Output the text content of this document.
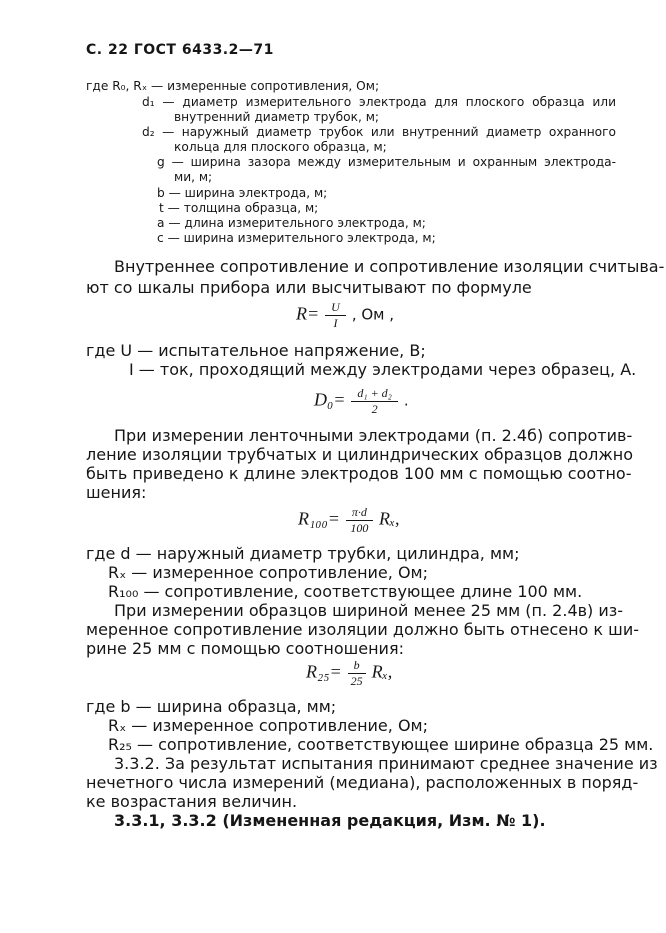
С. 22 ГОСТ 6433.2—71
где R₀, Rₓ — измеренные сопротивления, Ом;
d₁ — диаметр измерительного электрода для плоского образца или
внутренний диаметр трубок, м;
d₂ — наружный диаметр трубок или внутренний диаметр охранного
кольца для плоского образца, м;
g — ширина зазора между измерительным и охранным электрода-
ми, м;
b — ширина электрода, м;
t — толщина образца, м;
a — длина измерительного электрода, м;
c — ширина измерительного электрода, м;
Внутреннее сопротивление и сопротивление изоляции считыва-
ют со шкалы прибора или высчитывают по формуле
$R= \frac{U}{I}$ , Ом ,
где U — испытательное напряжение, В;
I — ток, проходящий между электродами через образец, А.
$D_0= \frac{\text{d₁ + d₂}}{2}$ .
При измерении ленточными электродами (п. 2.4б) сопротив-
ление изоляции трубчатых и цилиндрических образцов должно
быть приведено к длине электродов 100 мм с помощью соотно-
шения:
$R_{100}= \frac{\pi\cdot d}{100} R_x$,
где d — наружный диаметр трубки, цилиндра, мм;
Rₓ — измеренное сопротивление, Ом;
R₁₀₀ — сопротивление, соответствующее длине 100 мм.
При измерении образцов шириной менее 25 мм (п. 2.4в) из-
меренное сопротивление изоляции должно быть отнесено к ши-
рине 25 мм с помощью соотношения:
$R_{25}= \frac{b}{25} R_x$,
где b — ширина образца, мм;
Rₓ — измеренное сопротивление, Ом;
R₂₅ — сопротивление, соответствующее ширине образца 25 мм.
3.3.2. За результат испытания принимают среднее значение из
нечетного числа измерений (медиана), расположенных в поряд-
ке возрастания величин.
3.3.1, 3.3.2 (Измененная редакция, Изм. № 1).
